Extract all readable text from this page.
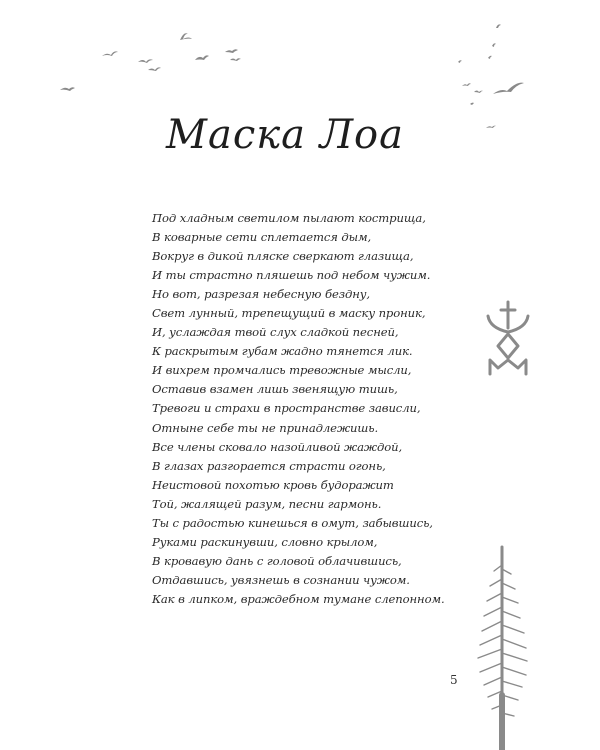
Маска Лоа
Под хладным светилом пылают кострища,
В коварные сети сплетается дым,
Вокруг в дикой пляске сверкают глазища,
И ты страстно пляшешь под небом чужим.
Но вот, разрезая небесную бездну,
Свет лунный, трепещущий в маску проник,
И, услаждая твой слух сладкой песней,
К раскрытым губам жадно тянется лик.
И вихрем промчались тревожные мысли,
Оставив взамен лишь звенящую тишь,
Тревоги и страхи в пространстве зависли,
Отныне себе ты не принадлежишь.
Все члены сковало назойливой жаждой,
В глазах разгорается страсти огонь,
Неистовой похотью кровь будоражит
Той, жалящей разум, песни гармонь.
Ты с радостью кинешься в омут, забывшись,
Руками раскинувши, словно крылом,
В кровавую дань с головой облачившись,
Отдавшись, увязнешь в сознании чужом.
Как в липком, враждебном тумане слепонном.
5
